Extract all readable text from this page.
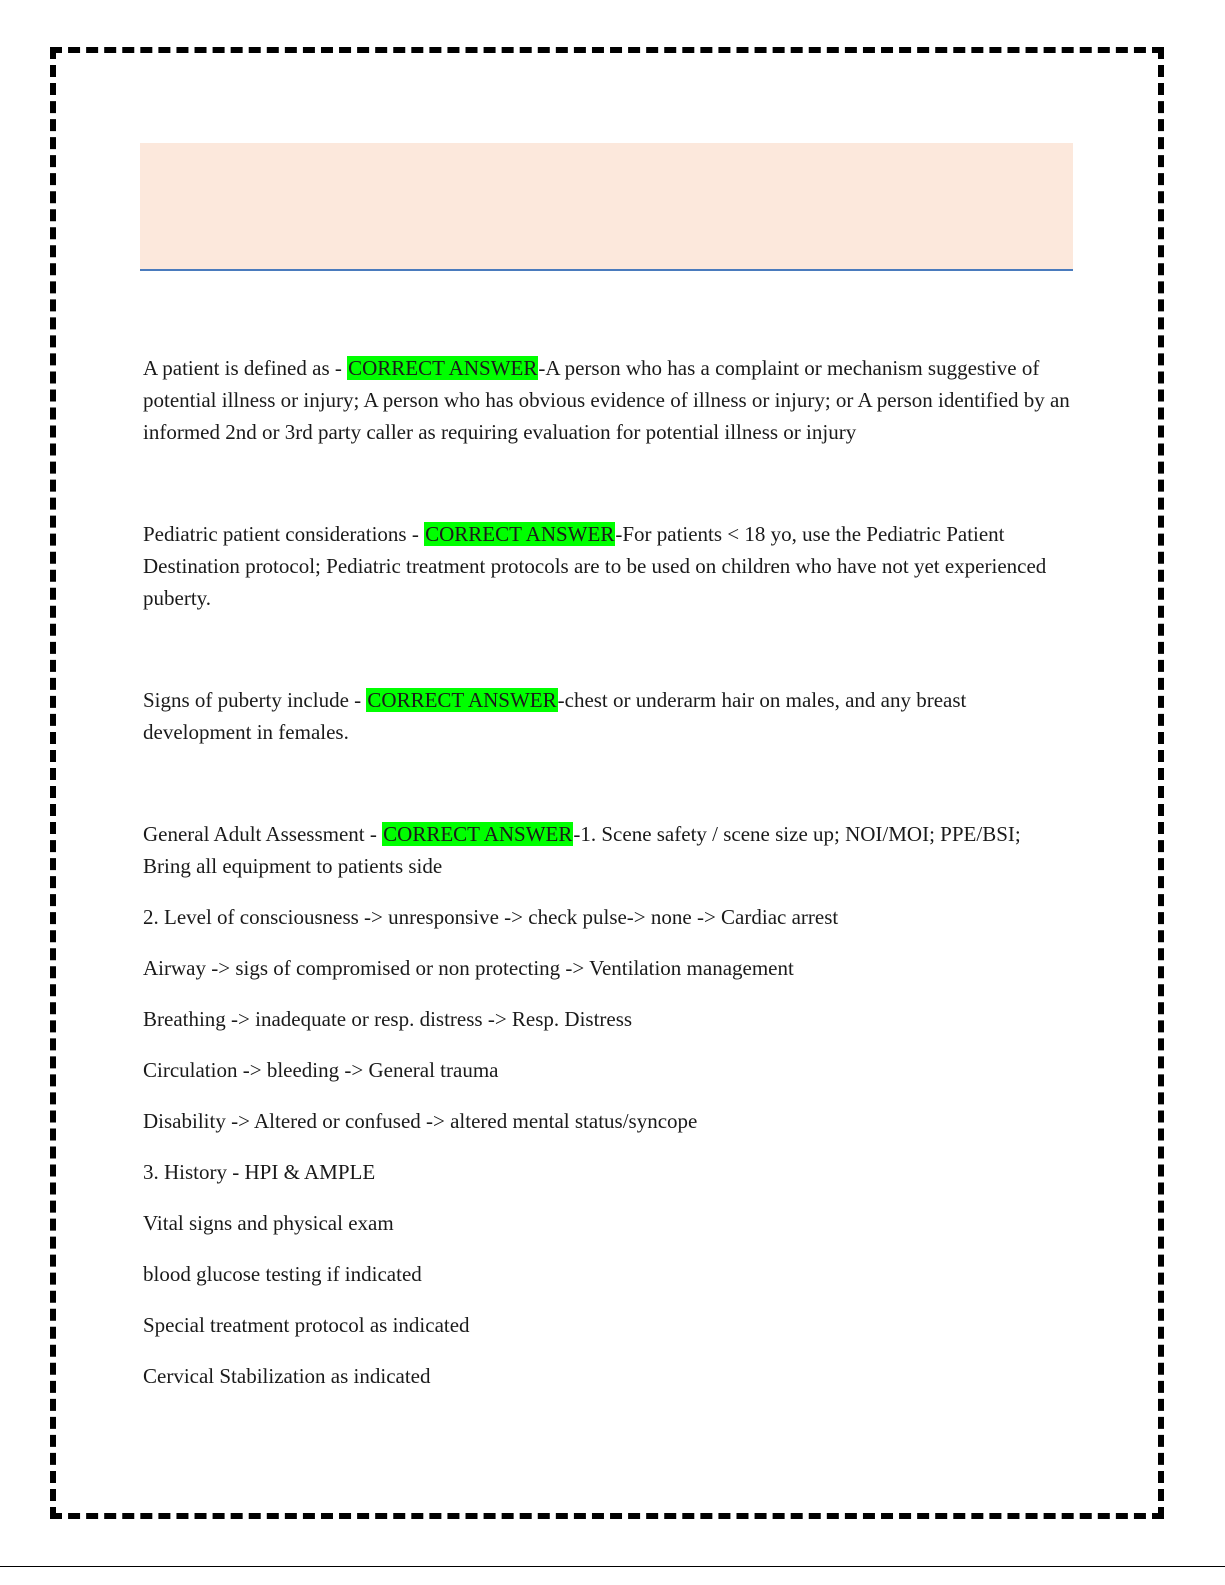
A patient is defined as - CORRECT ANSWER-A person who has a complaint or mechanism suggestive of potential illness or injury; A person who has obvious evidence of illness or injury; or A person identified by an informed 2nd or 3rd party caller as requiring evaluation for potential illness or injury

Pediatric patient considerations - CORRECT ANSWER-For patients < 18 yo, use the Pediatric Patient Destination protocol; Pediatric treatment protocols are to be used on children who have not yet experienced puberty.

Signs of puberty include - CORRECT ANSWER-chest or underarm hair on males, and any breast development in females.

General Adult Assessment - CORRECT ANSWER-1. Scene safety / scene size up; NOI/MOI; PPE/BSI; Bring all equipment to patients side

2. Level of consciousness -> unresponsive -> check pulse-> none -> Cardiac arrest

Airway -> sigs of compromised or non protecting -> Ventilation management

Breathing -> inadequate or resp. distress -> Resp. Distress

Circulation -> bleeding -> General trauma

Disability -> Altered or confused -> altered mental status/syncope

3. History - HPI & AMPLE

Vital signs and physical exam

blood glucose testing if indicated

Special treatment protocol as indicated

Cervical Stabilization as indicated
